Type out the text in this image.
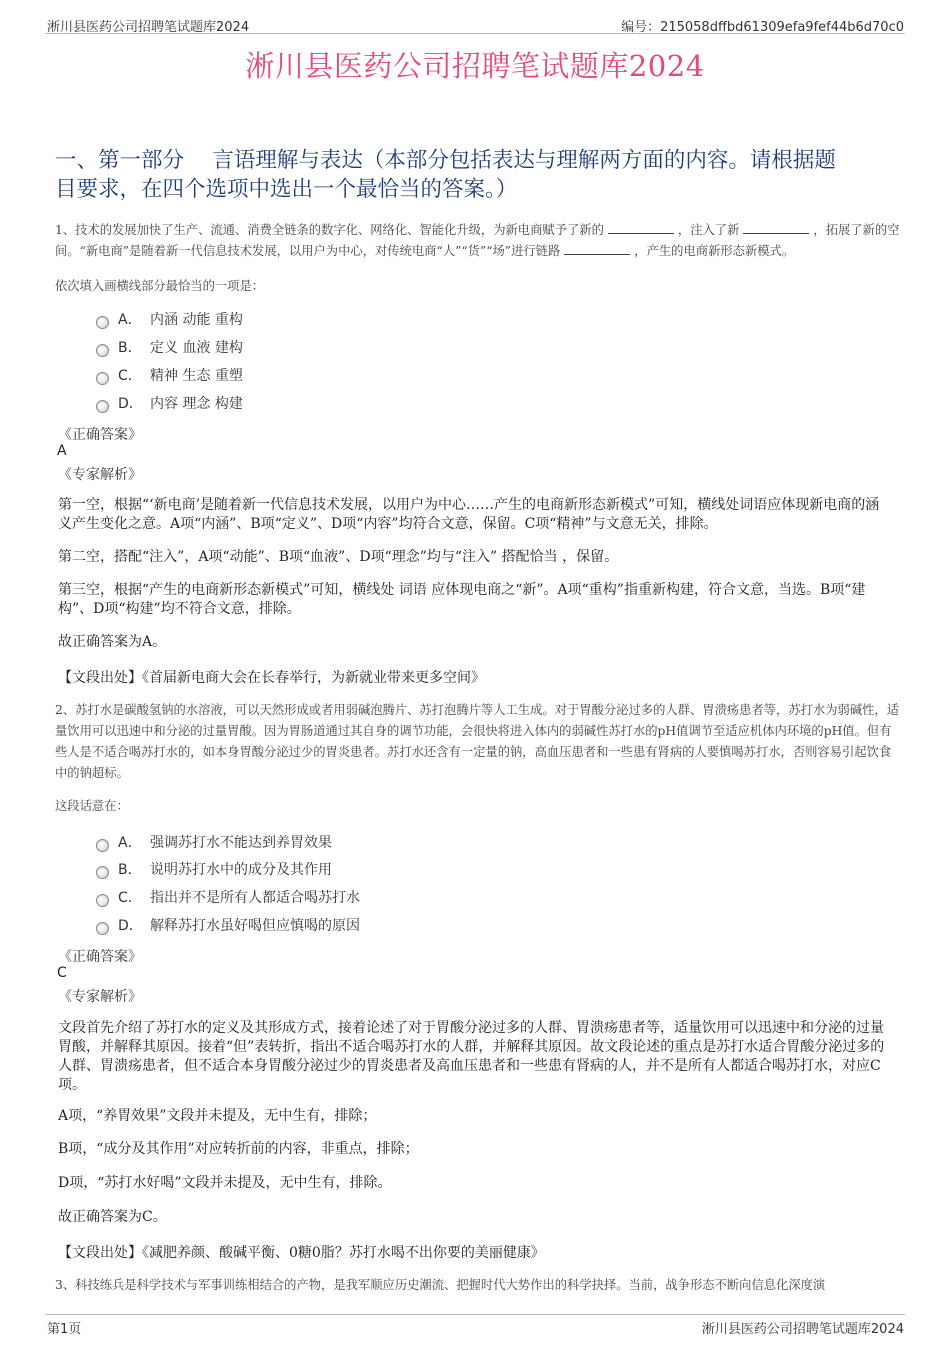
淅川县医药公司招聘笔试题库2024	编号：215058dffbd61309efa9fef44b6d70c0
淅川县医药公司招聘笔试题库2024
一、第一部分　 言语理解与表达（本部分包括表达与理解两方面的内容。请根据题
目要求，在四个选项中选出一个最恰当的答案。）
1、技术的发展加快了生产、流通、消费全链条的数字化、网络化、智能化升级，为新电商赋予了新的	，注入了新	，拓展了新的空间。“新电商”是随着新一代信息技术发展，以用户为中心，对传统电商“人”“货”“场”进行链路	，产生的电商新形态新模式。
依次填入画横线部分最恰当的一项是：
A． 内涵 动能 重构
B． 定义 血液 建构
C． 精神 生态 重塑
D． 内容 理念 构建
《正确答案》
A
《专家解析》
第一空，根据“‘新电商’是随着新一代信息技术发展，以用户为中心……产生的电商新形态新模式”可知，横线处词语应体现新电商的涵义产生变化之意。A项“内涵”、B项“定义”、D项“内容”均符合文意，保留。C项“精神”与文意无关，排除。
第二空，搭配“注入”，A项“动能”、B项“血液”、D项“理念”均与“注入” 搭配恰当 ，保留。
第三空，根据“产生的电商新形态新模式”可知，横线处 词语 应体现电商之“新”。A项“重构”指重新构建，符合文意，当选。B项“建构”、D项“构建”均不符合文意，排除。
故正确答案为A。
【文段出处】《首届新电商大会在长春举行，为新就业带来更多空间》
2、苏打水是碳酸氢钠的水溶液，可以天然形成或者用弱碱泡腾片、苏打泡腾片等人工生成。对于胃酸分泌过多的人群、胃溃疡患者等，苏打水为弱碱性，适量饮用可以迅速中和分泌的过量胃酸。因为胃肠道通过其自身的调节功能，会很快将进入体内的弱碱性苏打水的pH值调节至适应机体内环境的pH值。但有些人是不适合喝苏打水的，如本身胃酸分泌过少的胃炎患者。苏打水还含有一定量的钠，高血压患者和一些患有肾病的人要慎喝苏打水，否则容易引起饮食中的钠超标。
这段话意在：
A． 强调苏打水不能达到养胃效果
B． 说明苏打水中的成分及其作用
C． 指出并不是所有人都适合喝苏打水
D． 解释苏打水虽好喝但应慎喝的原因
《正确答案》
C
《专家解析》
文段首先介绍了苏打水的定义及其形成方式，接着论述了对于胃酸分泌过多的人群、胃溃疡患者等，适量饮用可以迅速中和分泌的过量胃酸，并解释其原因。接着“但”表转折，指出不适合喝苏打水的人群，并解释其原因。故文段论述的重点是苏打水适合胃酸分泌过多的人群、胃溃疡患者，但不适合本身胃酸分泌过少的胃炎患者及高血压患者和一些患有肾病的人，并不是所有人都适合喝苏打水，对应C项。
A项，“养胃效果”文段并未提及，无中生有，排除；
B项，“成分及其作用”对应转折前的内容，非重点，排除；
D项，“苏打水好喝”文段并未提及，无中生有，排除。
故正确答案为C。
【文段出处】《减肥养颜、酸碱平衡、0糖0脂？苏打水喝不出你要的美丽健康》
3、科技练兵是科学技术与军事训练相结合的产物，是我军顺应历史潮流、把握时代大势作出的科学抉择。当前，战争形态不断向信息化深度演
第1页	淅川县医药公司招聘笔试题库2024
